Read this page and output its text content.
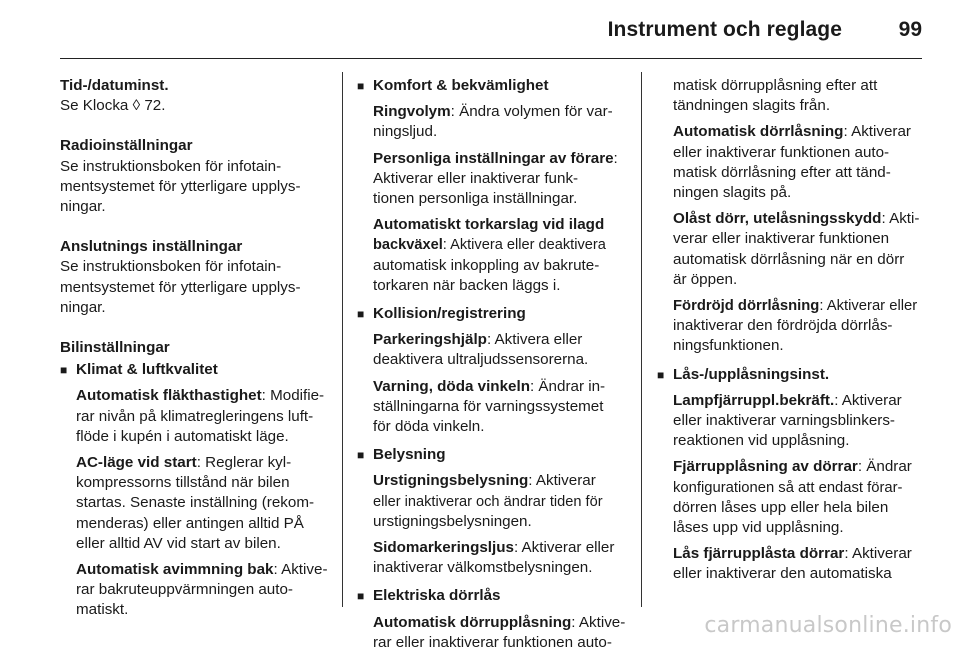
Instrument och reglage	99
Tid-/datuminst.
Se Klocka ◊ 72.
Radioinställningar
Se instruktionsboken för infotain-
mentsystemet för ytterligare upplys-
ningar.
Anslutnings inställningar
Se instruktionsboken för infotain-
mentsystemet för ytterligare upplys-
ningar.
Bilinställningar
■ Klimat & luftkvalitet
Automatisk fläkthastighet: Modifie-
rar nivån på klimatregleringens luft-
flöde i kupén i automatiskt läge.
AC-läge vid start: Reglerar kyl-
kompressorns tillstånd när bilen
startas. Senaste inställning (rekom-
menderas) eller antingen alltid PÅ
eller alltid AV vid start av bilen.
Automatisk avimmning bak: Aktive-
rar bakruteuppvärmningen auto-
matiskt.
■ Komfort & bekvämlighet
Ringvolym: Ändra volymen för var-
ningsljud.
Personliga inställningar av förare:
Aktiverar eller inaktiverar funk-
tionen personliga inställningar.
Automatiskt torkarslag vid ilagd
backväxel: Aktivera eller deaktivera
automatisk inkoppling av bakrute-
torkaren när backen läggs i.
■ Kollision/registrering
Parkeringshjälp: Aktivera eller
deaktivera ultraljudssensorerna.
Varning, döda vinkeln: Ändrar in-
ställningarna för varningssystemet
för döda vinkeln.
■ Belysning
Urstigningsbelysning: Aktiverar
eller inaktiverar och ändrar tiden för
urstigningsbelysningen.
Sidomarkeringsljus: Aktiverar eller
inaktiverar välkomstbelysningen.
■ Elektriska dörrlås
Automatisk dörrupplåsning: Aktive-
rar eller inaktiverar funktionen auto-
matisk dörrupplåsning efter att
tändningen slagits från.
Automatisk dörrlåsning: Aktiverar
eller inaktiverar funktionen auto-
matisk dörrlåsning efter att tänd-
ningen slagits på.
Olåst dörr, utelåsningsskydd: Akti-
verar eller inaktiverar funktionen
automatisk dörrlåsning när en dörr
är öppen.
Fördröjd dörrlåsning: Aktiverar eller
inaktiverar den fördröjda dörrlås-
ningsfunktionen.
■ Lås-/upplåsningsinst.
Lampfjärruppl.bekräft.: Aktiverar
eller inaktiverar varningsblinkers-
reaktionen vid upplåsning.
Fjärrupplåsning av dörrar: Ändrar
konfigurationen så att endast förar-
dörren låses upp eller hela bilen
låses upp vid upplåsning.
Lås fjärrupplåsta dörrar: Aktiverar
eller inaktiverar den automatiska
carmanualsonline.info
